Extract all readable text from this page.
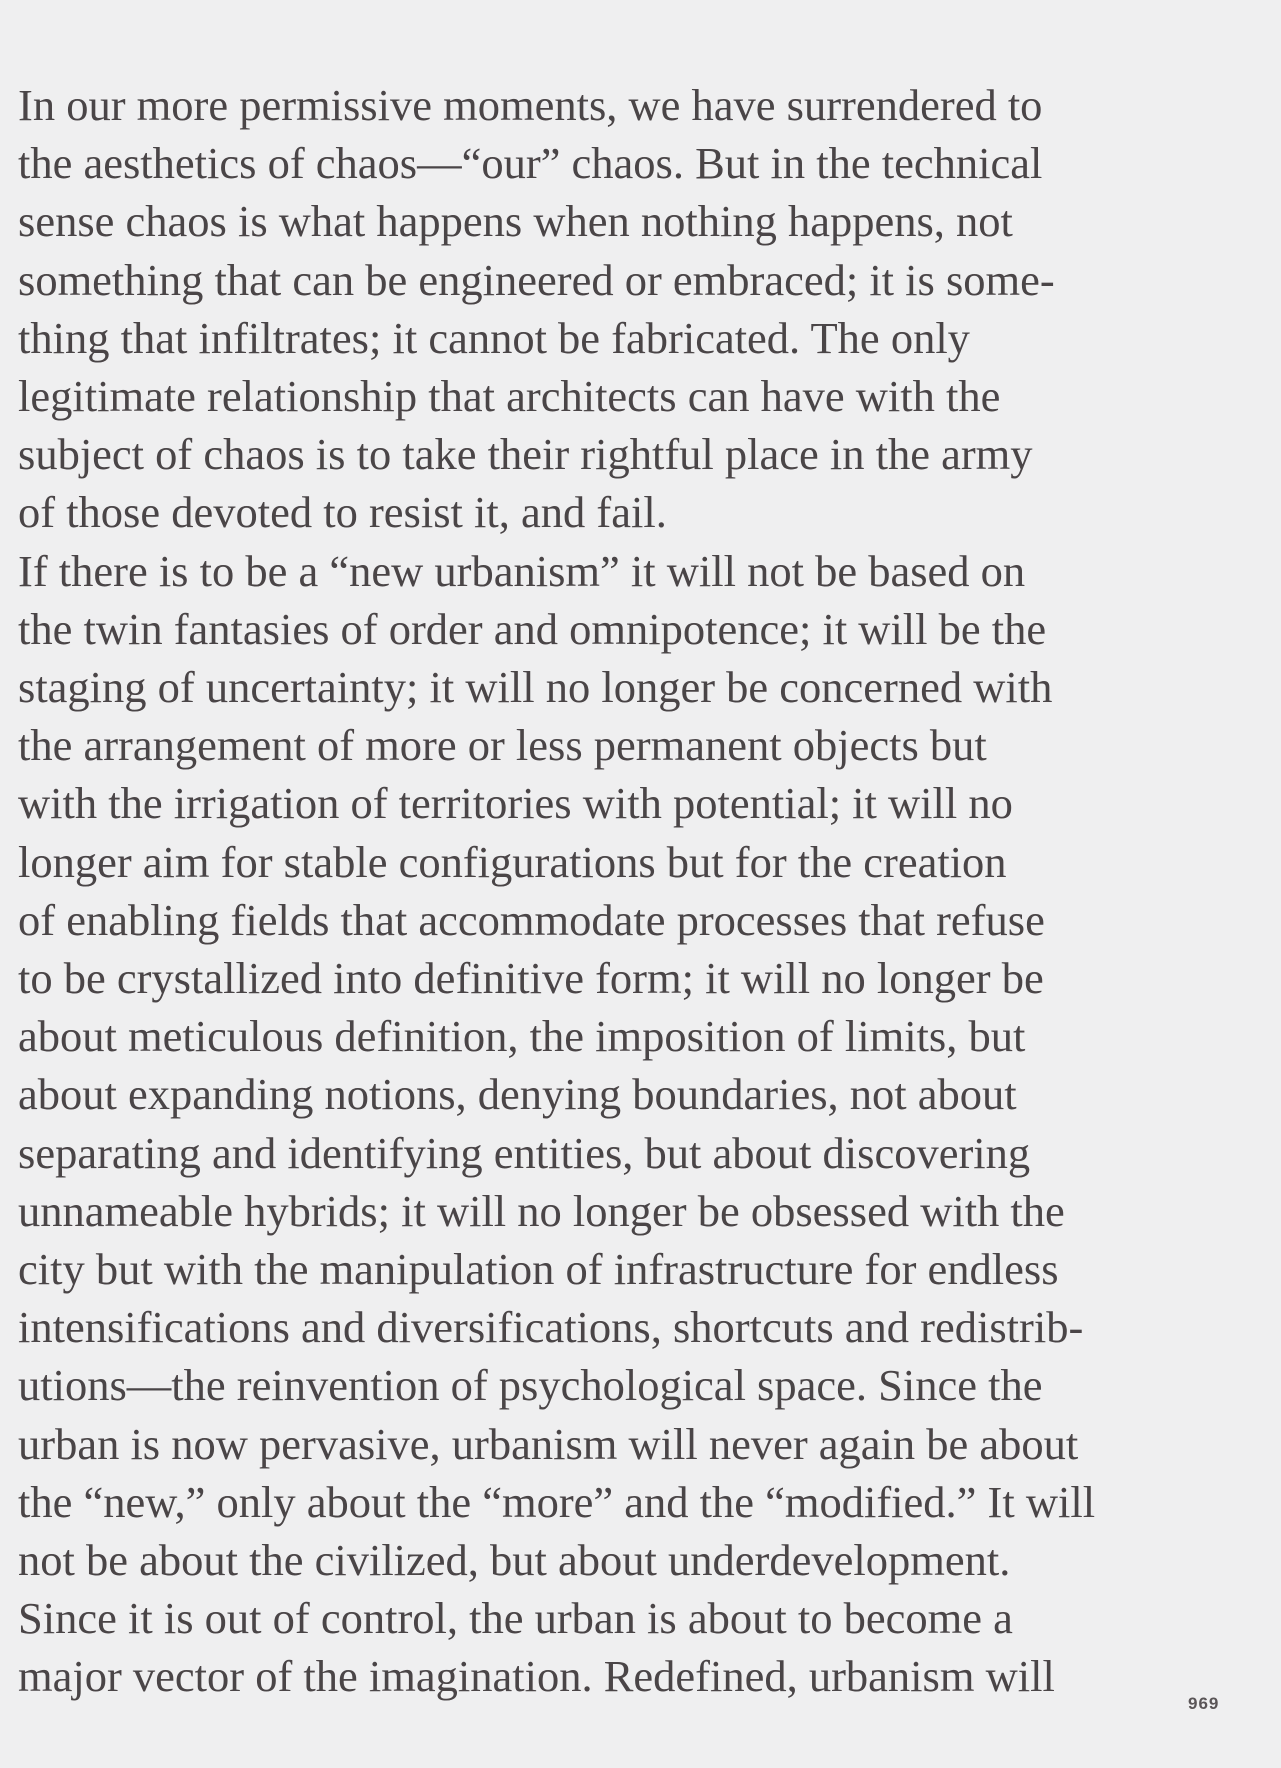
In our more permissive moments, we have surrendered to
the aesthetics of chaos—“our” chaos. But in the technical
sense chaos is what happens when nothing happens, not
something that can be engineered or embraced; it is some-
thing that infiltrates; it cannot be fabricated. The only
legitimate relationship that architects can have with the
subject of chaos is to take their rightful place in the army
of those devoted to resist it, and fail.
If there is to be a “new urbanism” it will not be based on
the twin fantasies of order and omnipotence; it will be the
staging of uncertainty; it will no longer be concerned with
the arrangement of more or less permanent objects but
with the irrigation of territories with potential; it will no
longer aim for stable configurations but for the creation
of enabling fields that accommodate processes that refuse
to be crystallized into definitive form; it will no longer be
about meticulous definition, the imposition of limits, but
about expanding notions, denying boundaries, not about
separating and identifying entities, but about discovering
unnameable hybrids; it will no longer be obsessed with the
city but with the manipulation of infrastructure for endless
intensifications and diversifications, shortcuts and redistrib-
utions—the reinvention of psychological space. Since the
urban is now pervasive, urbanism will never again be about
the “new,” only about the “more” and the “modified.” It will
not be about the civilized, but about underdevelopment.
Since it is out of control, the urban is about to become a
major vector of the imagination. Redefined, urbanism will
969
